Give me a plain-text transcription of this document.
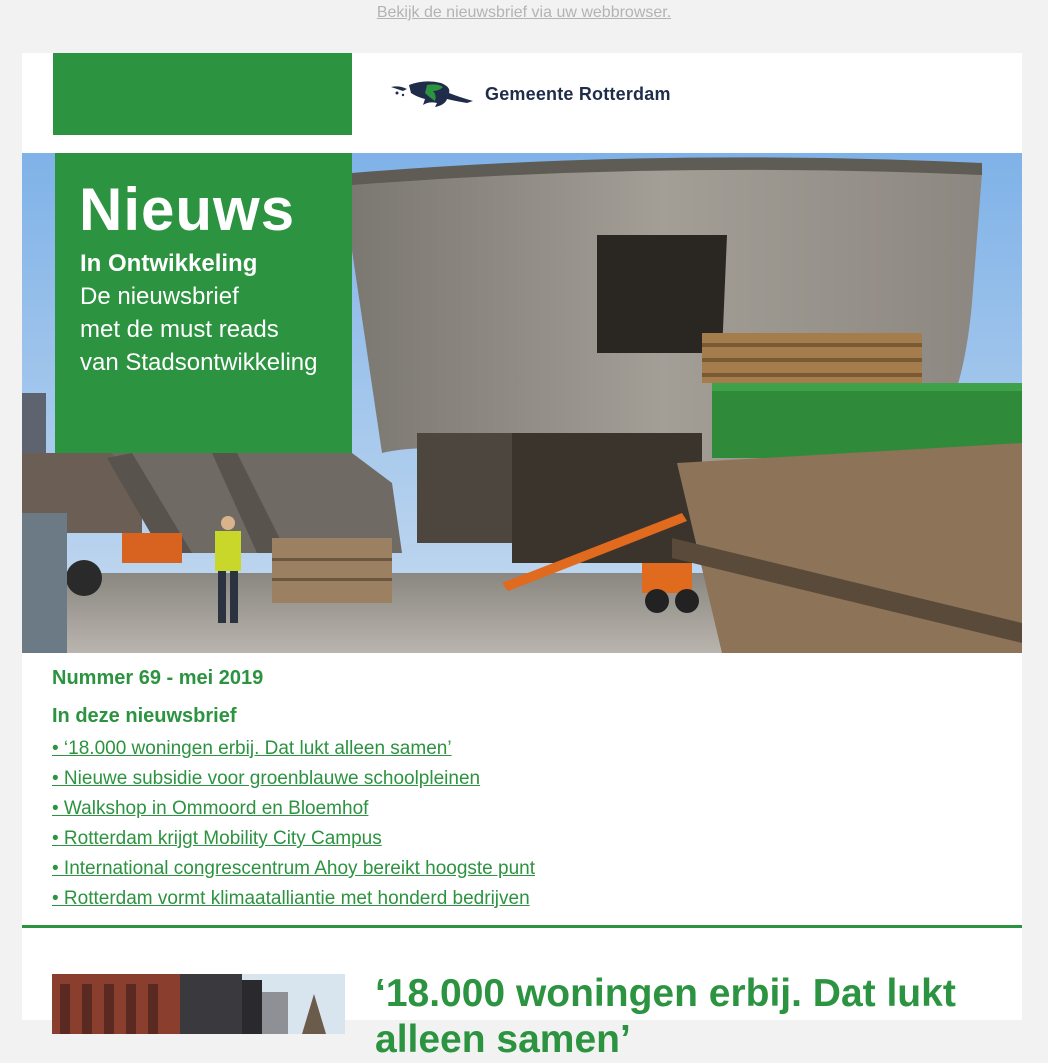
Bekijk de nieuwsbrief via uw webbrowser.
Gemeente Rotterdam
Nieuws
In Ontwikkeling
De nieuwsbrief
met de must reads
van Stadsontwikkeling
Nummer 69 - mei 2019
In deze nieuwsbrief
• ‘18.000 woningen erbij. Dat lukt alleen samen’
• Nieuwe subsidie voor groenblauwe schoolpleinen
• Walkshop in Ommoord en Bloemhof
• Rotterdam krijgt Mobility City Campus
• International congrescentrum Ahoy bereikt hoogste punt
• Rotterdam vormt klimaatalliantie met honderd bedrijven
‘18.000 woningen erbij. Dat lukt alleen samen’
